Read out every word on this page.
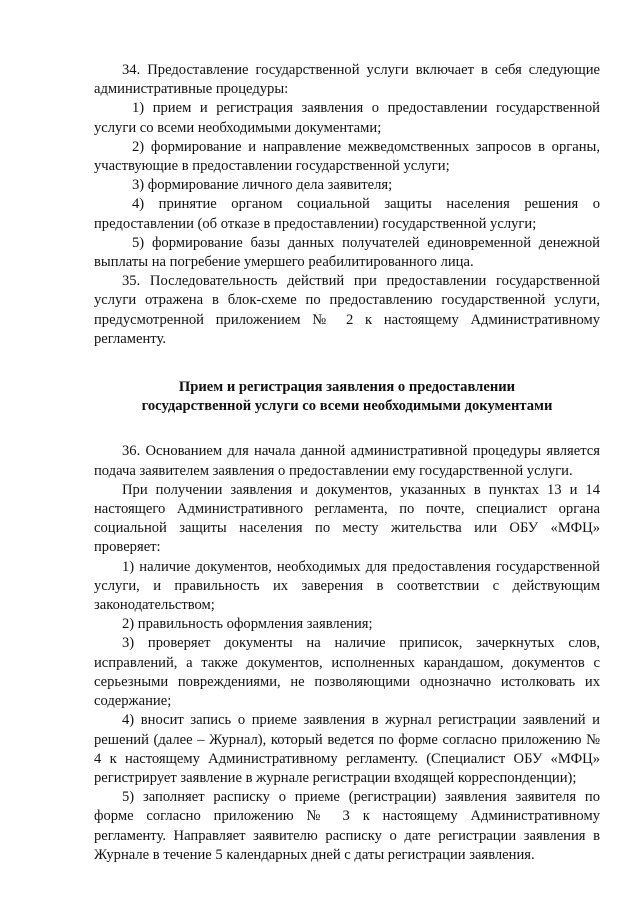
34. Предоставление государственной услуги включает в себя следующие административные процедуры:

1) прием и регистрация заявления о предоставлении государственной услуги со всеми необходимыми документами;

2) формирование и направление межведомственных запросов в органы, участвующие в предоставлении государственной услуги;

3) формирование личного дела заявителя;

4) принятие органом социальной защиты населения решения о предоставлении (об отказе в предоставлении) государственной услуги;

5) формирование базы данных получателей единовременной денежной выплаты на погребение умершего реабилитированного лица.

35. Последовательность действий при предоставлении государственной услуги отражена в блок-схеме по предоставлению государственной услуги, предусмотренной приложением № 2 к настоящему Административному регламенту.

Прием и регистрация заявления о предоставлении

государственной услуги со всеми необходимыми документами

36. Основанием для начала данной административной процедуры является подача заявителем заявления о предоставлении ему государственной услуги.

При получении заявления и документов, указанных в пунктах 13 и 14 настоящего Административного регламента, по почте, специалист органа социальной защиты населения по месту жительства или ОБУ «МФЦ» проверяет:

1) наличие документов, необходимых для предоставления государственной услуги, и правильность их заверения в соответствии с действующим законодательством;

2) правильность оформления заявления;

3) проверяет документы на наличие приписок, зачеркнутых слов, исправлений, а также документов, исполненных карандашом, документов с серьезными повреждениями, не позволяющими однозначно истолковать их содержание;

4) вносит запись о приеме заявления в журнал регистрации заявлений и решений (далее – Журнал), который ведется по форме согласно приложению № 4 к настоящему Административному регламенту. (Специалист ОБУ «МФЦ» регистрирует заявление в журнале регистрации входящей корреспонденции);

5) заполняет расписку о приеме (регистрации) заявления заявителя по форме согласно приложению № 3 к настоящему Административному регламенту. Направляет заявителю расписку о дате регистрации заявления в Журнале в течение 5 календарных дней с даты регистрации заявления.
